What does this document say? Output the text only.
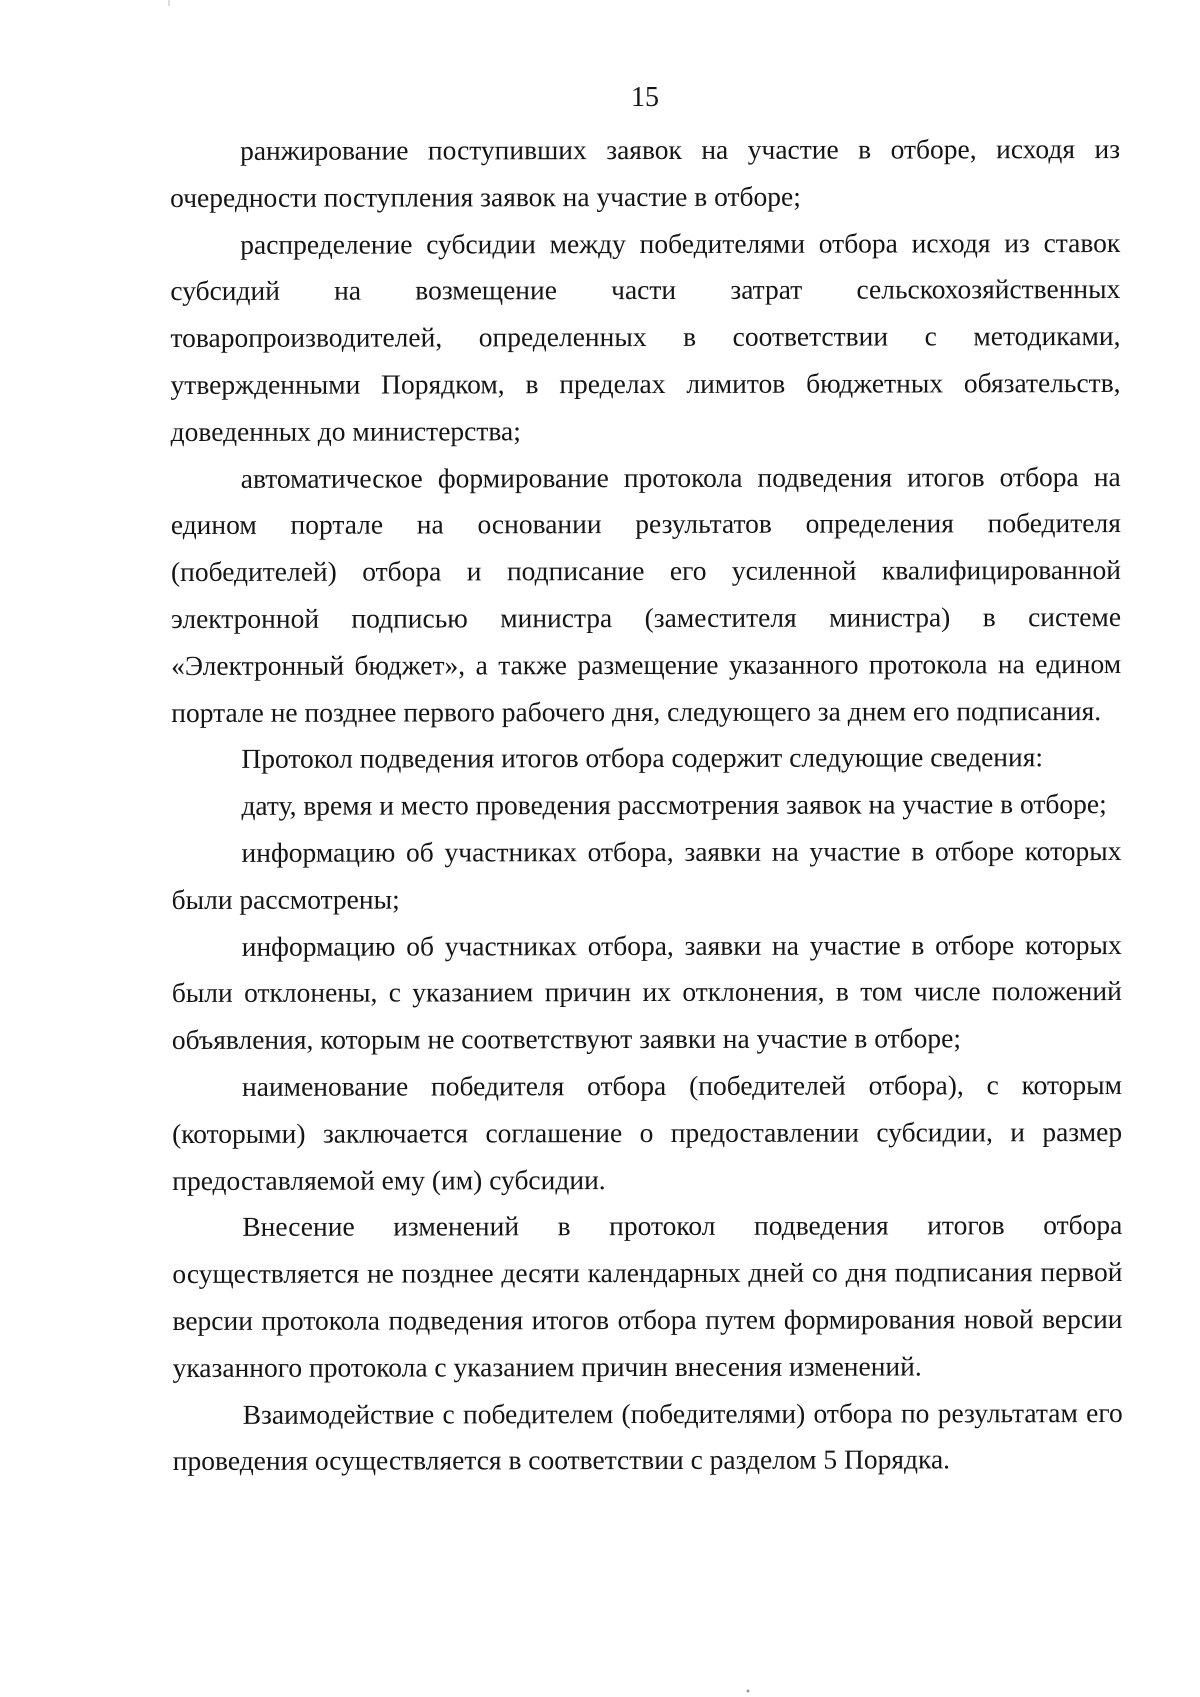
15

ранжирование поступивших заявок на участие в отборе, исходя из очередности поступления заявок на участие в отборе;

распределение субсидии между победителями отбора исходя из ставок субсидий на возмещение части затрат сельскохозяйственных товаропроизводителей, определенных в соответствии с методиками, утвержденными Порядком, в пределах лимитов бюджетных обязательств, доведенных до министерства;

автоматическое формирование протокола подведения итогов отбора на едином портале на основании результатов определения победителя (победителей) отбора и подписание его усиленной квалифицированной электронной подписью министра (заместителя министра) в системе «Электронный бюджет», а также размещение указанного протокола на едином портале не позднее первого рабочего дня, следующего за днем его подписания.

Протокол подведения итогов отбора содержит следующие сведения:

дату, время и место проведения рассмотрения заявок на участие в отборе;

информацию об участниках отбора, заявки на участие в отборе которых были рассмотрены;

информацию об участниках отбора, заявки на участие в отборе которых были отклонены, с указанием причин их отклонения, в том числе положений объявления, которым не соответствуют заявки на участие в отборе;

наименование победителя отбора (победителей отбора), с которым (которыми) заключается соглашение о предоставлении субсидии, и размер предоставляемой ему (им) субсидии.

Внесение изменений в протокол подведения итогов отбора осуществляется не позднее десяти календарных дней со дня подписания первой версии протокола подведения итогов отбора путем формирования новой версии указанного протокола с указанием причин внесения изменений.

Взаимодействие с победителем (победителями) отбора по результатам его проведения осуществляется в соответствии с разделом 5 Порядка.
